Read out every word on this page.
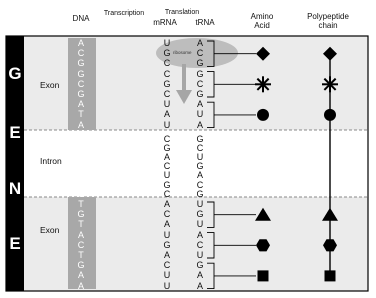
DNA
Transcription	Translation
mRNA	tRNA
Amino Acid
Polypeptide chain
G
E
N
E
Exon
Intron
Exon
ribosome
A
C
G
G
C
G
A
T
A
G
C
T
G
A
C
G
T
G
T
A
C
T
G
A
A
U
G
C
C
G
C
U
A
U
C
G
A
C
U
G
C
A
C
A
U
G
A
C
U
U
A
C
G
G
C
G
A
U
A
G
C
U
G
A
C
G
U
G
U
A
C
U
G
A
A
